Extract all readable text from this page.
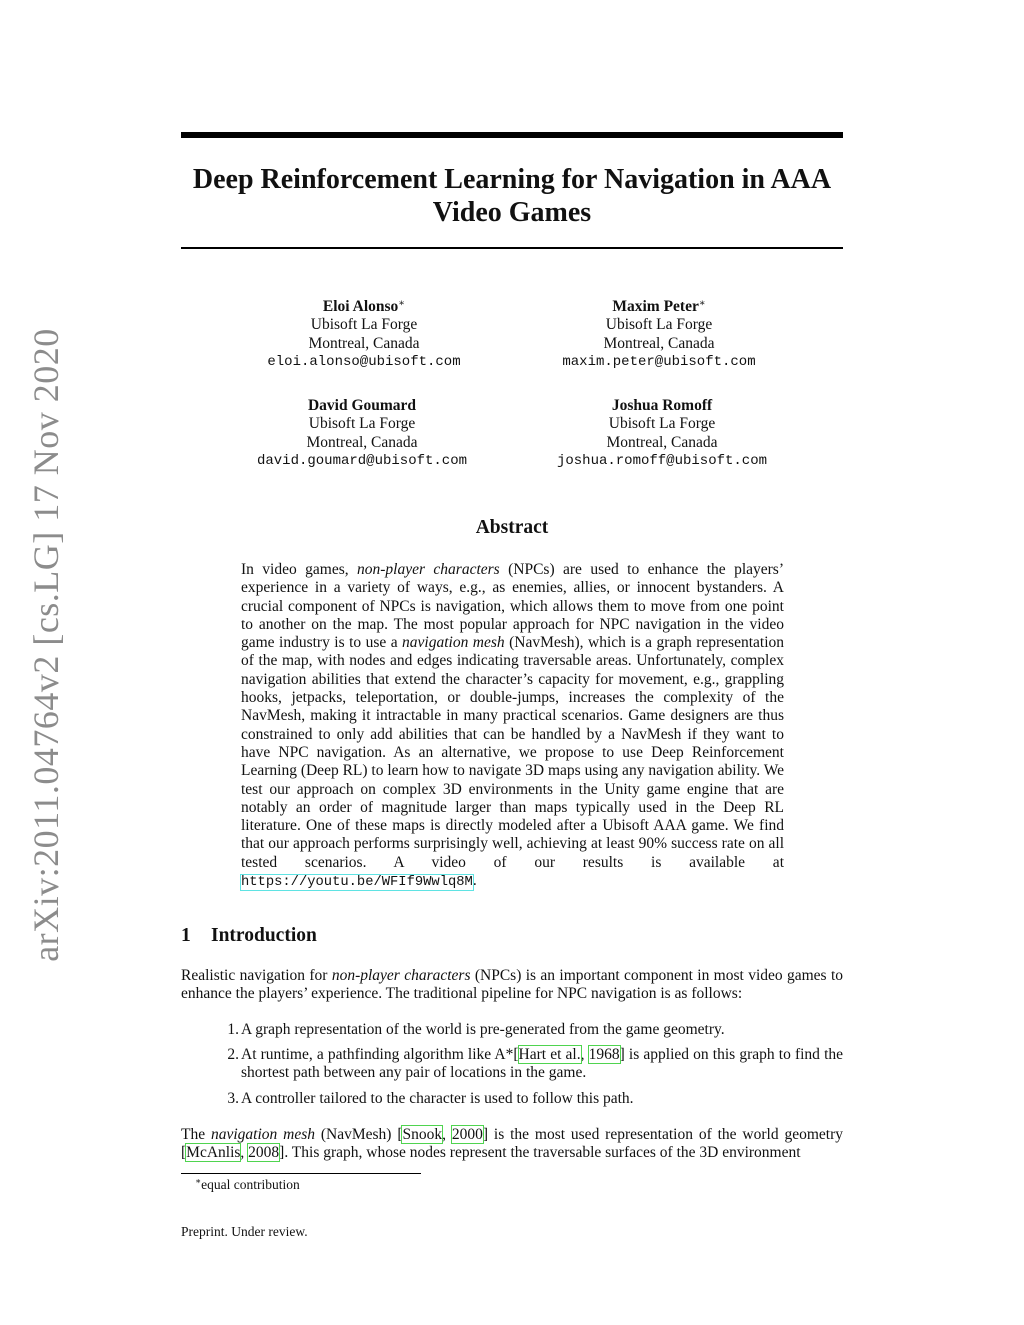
arXiv:2011.04764v2 [cs.LG] 17 Nov 2020
Deep Reinforcement Learning for Navigation in AAA Video Games
Eloi Alonso∗
Ubisoft La Forge
Montreal, Canada
eloi.alonso@ubisoft.com
Maxim Peter∗
Ubisoft La Forge
Montreal, Canada
maxim.peter@ubisoft.com
David Goumard
Ubisoft La Forge
Montreal, Canada
david.goumard@ubisoft.com
Joshua Romoff
Ubisoft La Forge
Montreal, Canada
joshua.romoff@ubisoft.com
Abstract
In video games, non-player characters (NPCs) are used to enhance the players’ experience in a variety of ways, e.g., as enemies, allies, or innocent bystanders. A crucial component of NPCs is navigation, which allows them to move from one point to another on the map. The most popular approach for NPC navigation in the video game industry is to use a navigation mesh (NavMesh), which is a graph representation of the map, with nodes and edges indicating traversable areas. Unfortunately, complex navigation abilities that extend the character’s capacity for movement, e.g., grappling hooks, jetpacks, teleportation, or double-jumps, increases the complexity of the NavMesh, making it intractable in many practical scenarios. Game designers are thus constrained to only add abilities that can be handled by a NavMesh if they want to have NPC navigation. As an alternative, we propose to use Deep Reinforcement Learning (Deep RL) to learn how to navigate 3D maps using any navigation ability. We test our approach on complex 3D environments in the Unity game engine that are notably an order of magnitude larger than maps typically used in the Deep RL literature. One of these maps is directly modeled after a Ubisoft AAA game. We find that our approach performs surprisingly well, achieving at least 90% success rate on all tested scenarios. A video of our results is available at https://youtu.be/WFIf9Wwlq8M.
1 Introduction
Realistic navigation for non-player characters (NPCs) is an important component in most video games to enhance the players’ experience. The traditional pipeline for NPC navigation is as follows:
1. A graph representation of the world is pre-generated from the game geometry.
2. At runtime, a pathfinding algorithm like A*[Hart et al., 1968] is applied on this graph to find the shortest path between any pair of locations in the game.
3. A controller tailored to the character is used to follow this path.
The navigation mesh (NavMesh) [Snook, 2000] is the most used representation of the world geometry [McAnlis, 2008]. This graph, whose nodes represent the traversable surfaces of the 3D environment
∗equal contribution
Preprint. Under review.
